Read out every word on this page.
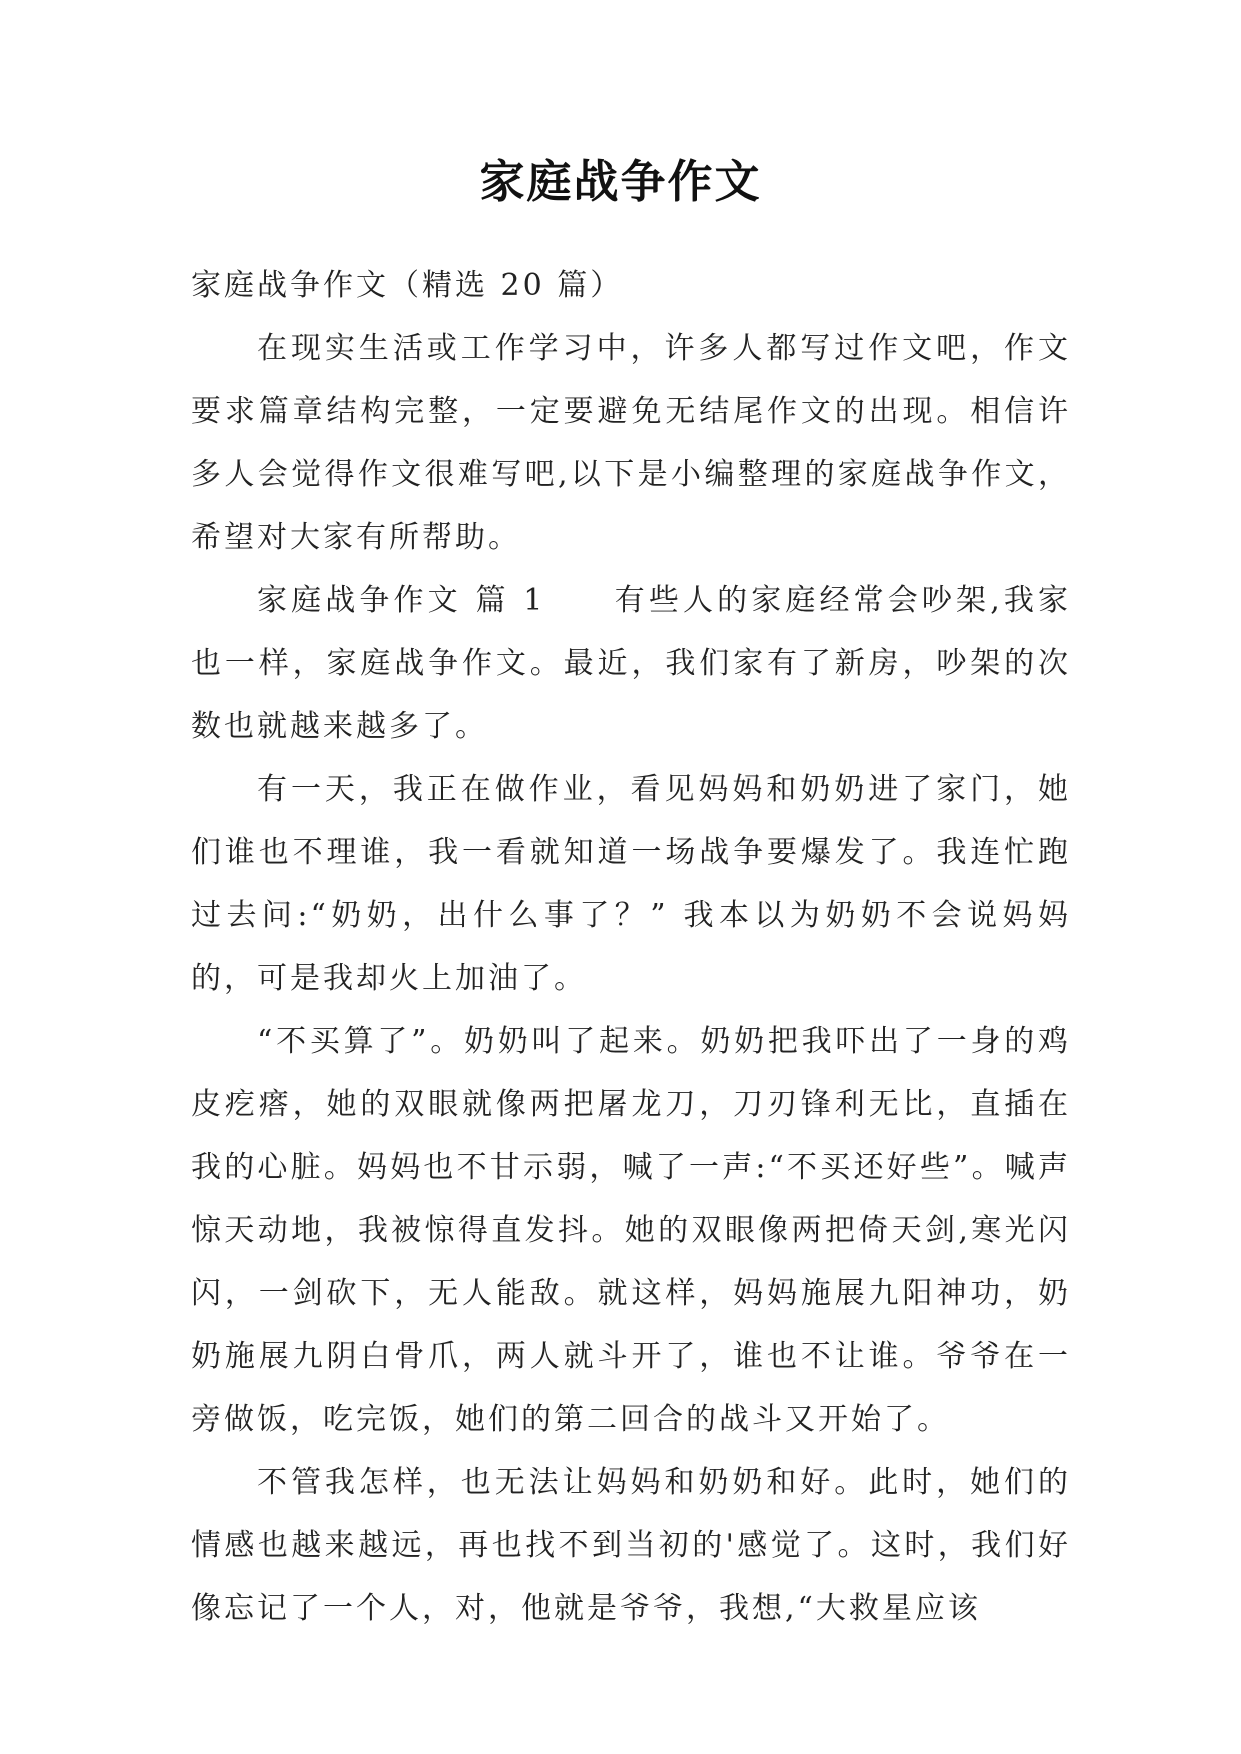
家庭战争作文

家庭战争作文（精选 20 篇）

在现实生活或工作学习中，许多人都写过作文吧，作文要求篇章结构完整，一定要避免无结尾作文的出现。相信许多人会觉得作文很难写吧,以下是小编整理的家庭战争作文，希望对大家有所帮助。

家庭战争作文 篇 1　　有些人的家庭经常会吵架,我家也一样，家庭战争作文。最近，我们家有了新房，吵架的次数也就越来越多了。

有一天，我正在做作业，看见妈妈和奶奶进了家门，她们谁也不理谁，我一看就知道一场战争要爆发了。我连忙跑过去问:“奶奶，出什么事了？” 我本以为奶奶不会说妈妈的，可是我却火上加油了。

“不买算了”。奶奶叫了起来。奶奶把我吓出了一身的鸡皮疙瘩，她的双眼就像两把屠龙刀，刀刃锋利无比，直插在我的心脏。妈妈也不甘示弱，喊了一声:“不买还好些”。喊声惊天动地，我被惊得直发抖。她的双眼像两把倚天剑,寒光闪闪，一剑砍下，无人能敌。就这样，妈妈施展九阳神功，奶奶施展九阴白骨爪，两人就斗开了，谁也不让谁。爷爷在一旁做饭，吃完饭，她们的第二回合的战斗又开始了。

不管我怎样，也无法让妈妈和奶奶和好。此时，她们的情感也越来越远，再也找不到当初的'感觉了。这时，我们好像忘记了一个人，对，他就是爷爷，我想,“大救星应该
